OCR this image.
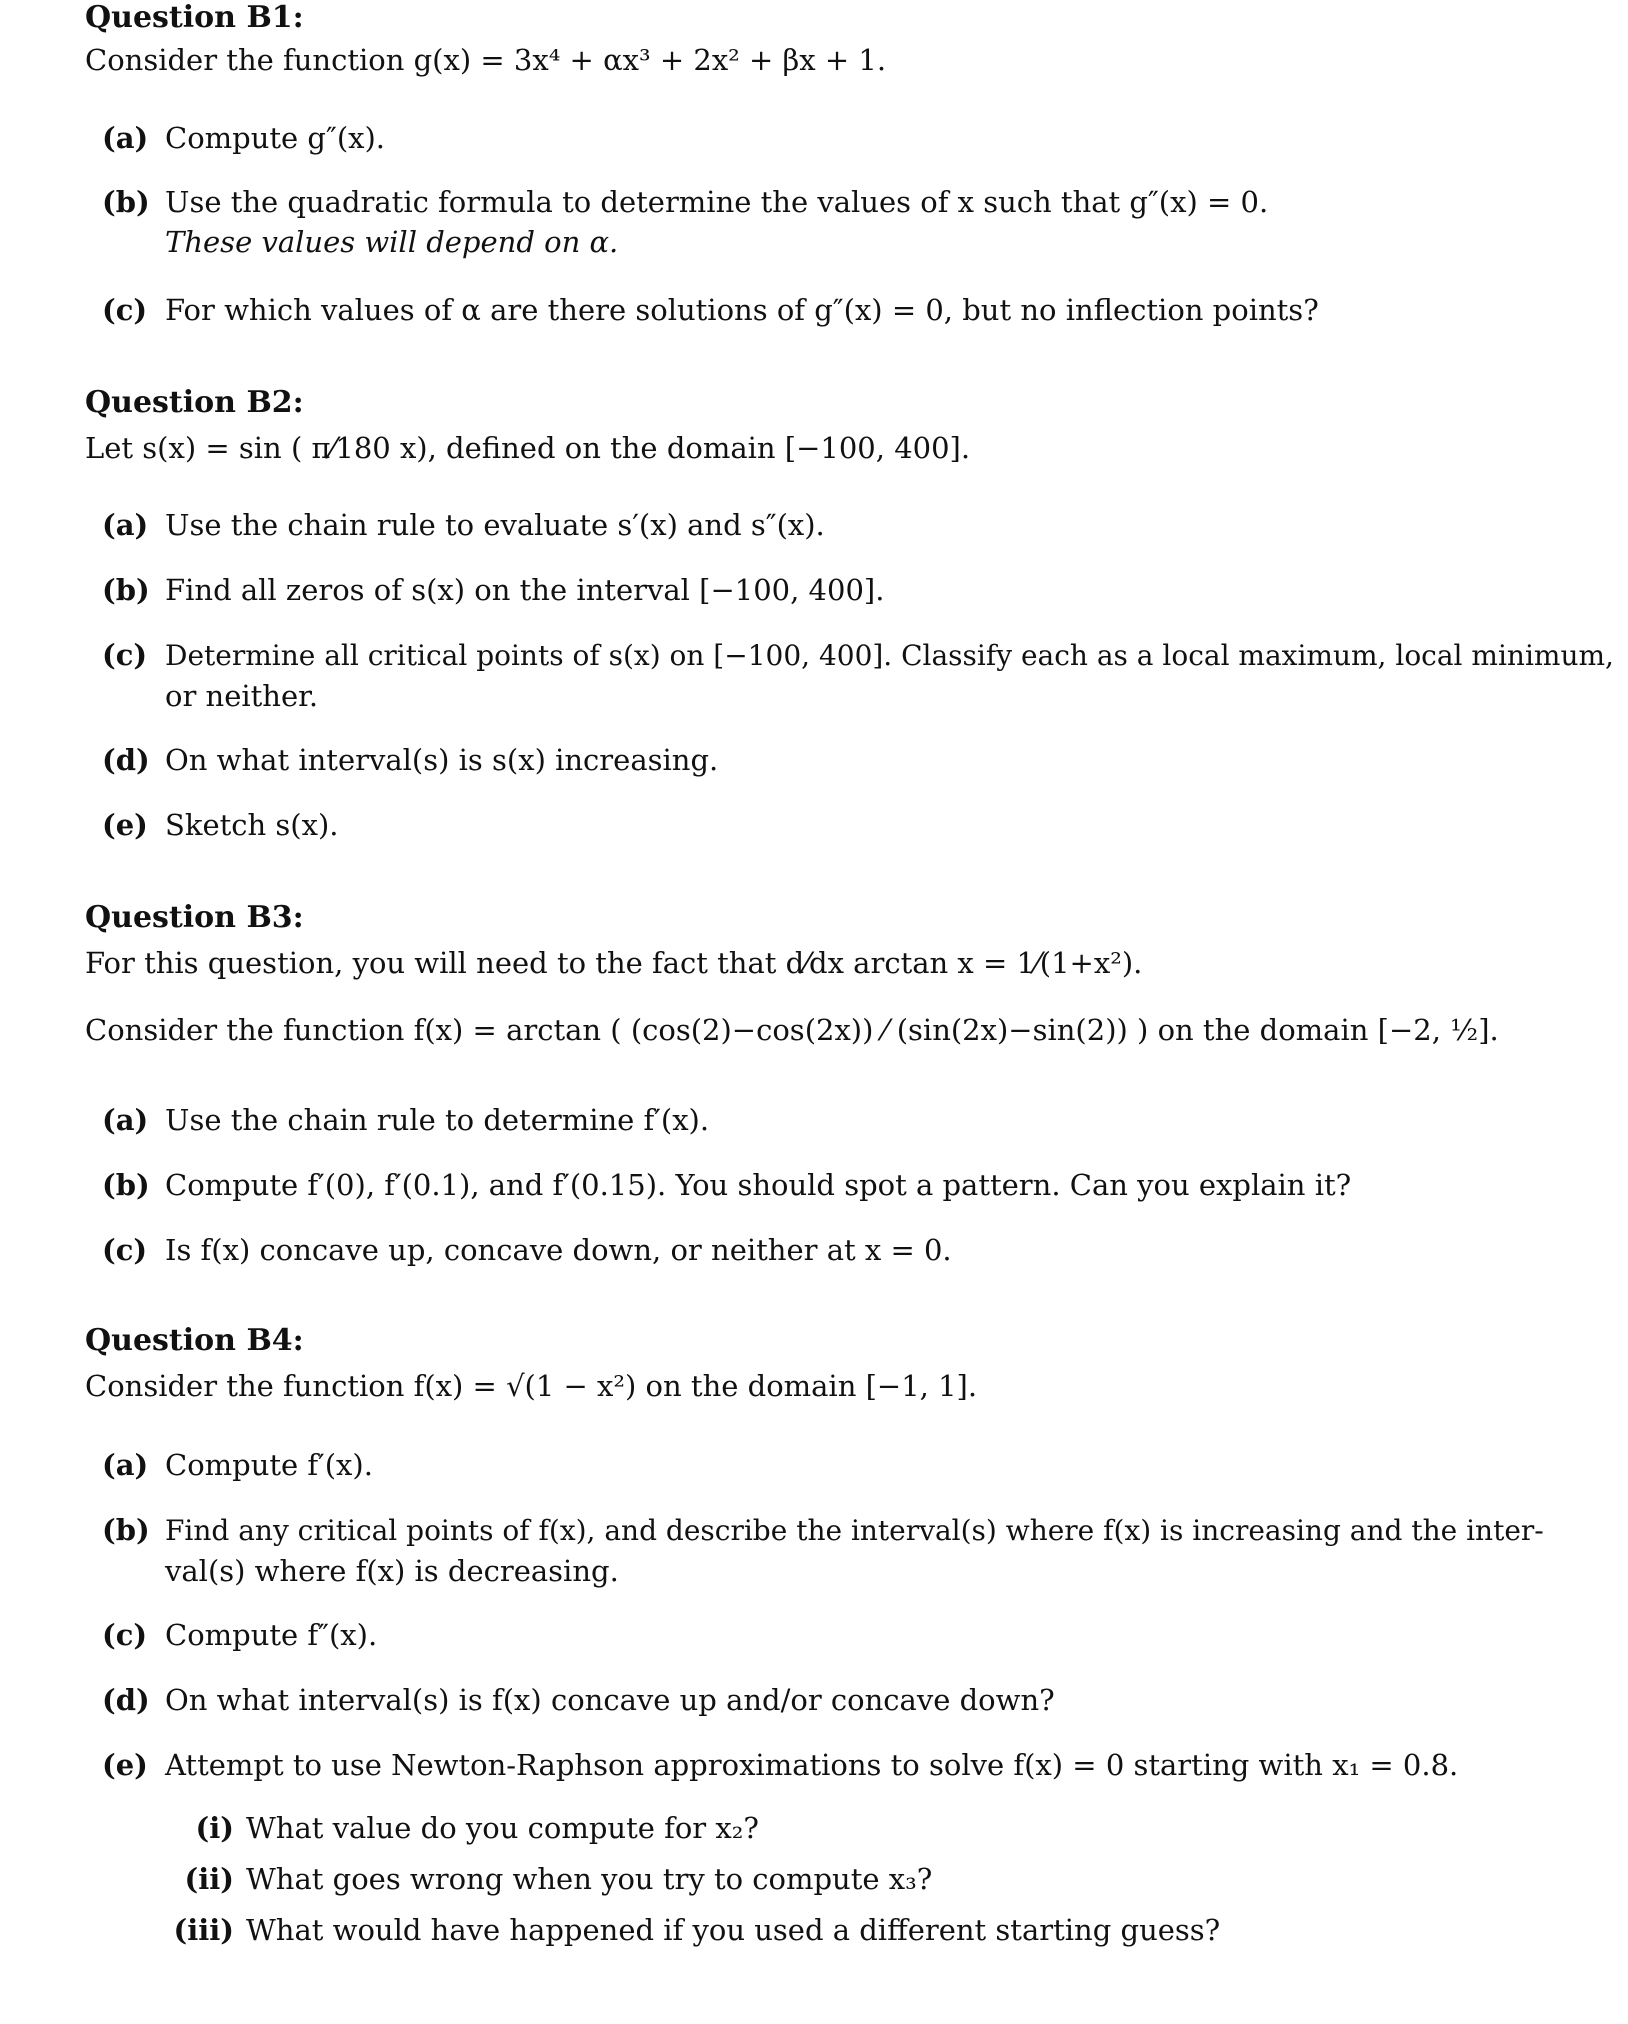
Question B1:
Consider the function g(x) = 3x⁴ + αx³ + 2x² + βx + 1.
(a) Compute g″(x).
(b) Use the quadratic formula to determine the values of x such that g″(x) = 0.
These values will depend on α.
(c) For which values of α are there solutions of g″(x) = 0, but no inflection points?
Question B2:
Let s(x) = sin ( π⁄180 x), defined on the domain [−100, 400].
(a) Use the chain rule to evaluate s′(x) and s″(x).
(b) Find all zeros of s(x) on the interval [−100, 400].
(c) Determine all critical points of s(x) on [−100, 400]. Classify each as a local maximum, local minimum,
or neither.
(d) On what interval(s) is s(x) increasing.
(e) Sketch s(x).
Question B3:
For this question, you will need to the fact that d⁄dx arctan x = 1⁄(1+x²).
Consider the function f(x) = arctan ( (cos(2)−cos(2x)) ⁄ (sin(2x)−sin(2)) ) on the domain [−2, ½].
(a) Use the chain rule to determine f′(x).
(b) Compute f′(0), f′(0.1), and f′(0.15). You should spot a pattern. Can you explain it?
(c) Is f(x) concave up, concave down, or neither at x = 0.
Question B4:
Consider the function f(x) = √(1 − x²) on the domain [−1, 1].
(a) Compute f′(x).
(b) Find any critical points of f(x), and describe the interval(s) where f(x) is increasing and the inter-
val(s) where f(x) is decreasing.
(c) Compute f″(x).
(d) On what interval(s) is f(x) concave up and/or concave down?
(e) Attempt to use Newton-Raphson approximations to solve f(x) = 0 starting with x₁ = 0.8.
(i) What value do you compute for x₂?
(ii) What goes wrong when you try to compute x₃?
(iii) What would have happened if you used a different starting guess?
